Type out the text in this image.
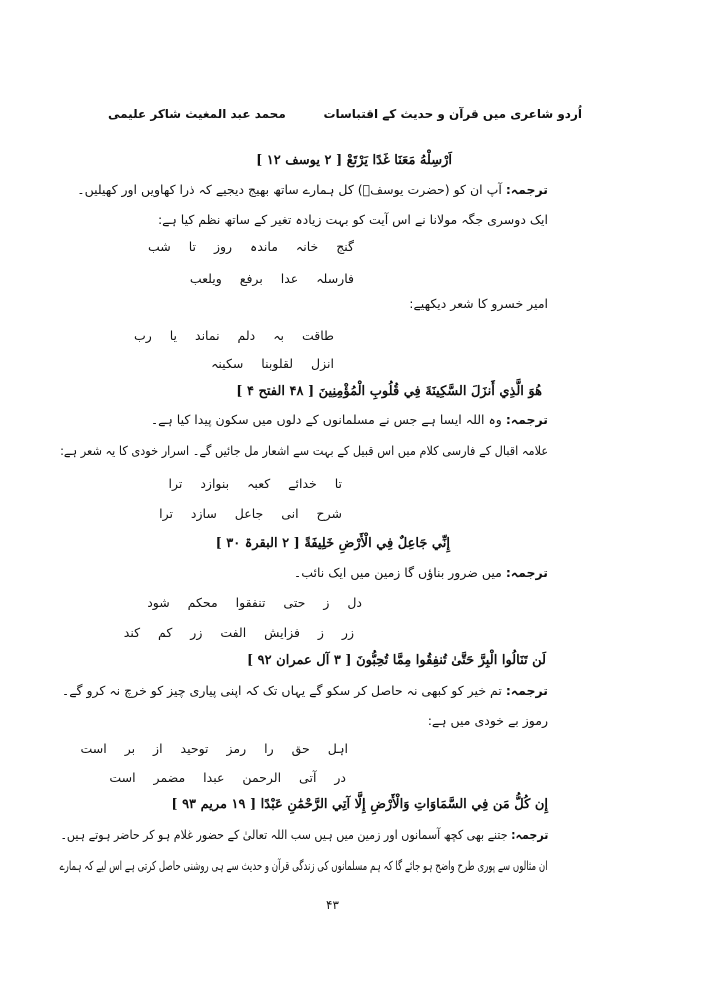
اُردو شاعری میں قرآن و حدیث کے اقتباسات
محمد عبد المغیث شاکر علیمی
اَرْسِلْهُ مَعَنَا غَدًا يَرْتَعْ [ ۲ یوسف ۱۲ ]
ترجمہ: آپ ان کو (حضرت یوسفؑ) کل ہمارے ساتھ بھیج دیجیے کہ ذرا کھاویں اور کھیلیں۔
ایک دوسری جگہ مولانا نے اس آیت کو بہت زیادہ تغیر کے ساتھ نظم کیا ہے:
گنج خانہ ماندہ روز تا شب
فارسلہ عدا برفع ویلعب
امیر خسرو کا شعر دیکھیے:
طاقت بہ دلم نماند یا رب
انزل لقلوبنا سکینہ
هُوَ الَّذِي أَنزَلَ السَّكِينَةَ فِي قُلُوبِ الْمُؤْمِنِينَ [ ۴۸ الفتح ۴ ]
ترجمہ: وہ اللہ ایسا ہے جس نے مسلمانوں کے دلوں میں سکون پیدا کیا ہے۔
علامہ اقبال کے فارسی کلام میں اس قبیل کے بہت سے اشعار مل جائیں گے۔ اسرار خودی کا یہ شعر ہے:
تا خدائے کعبہ بنوازد ترا
شرح انی جاعل سازد ترا
إِنِّي جَاعِلٌ فِي الْأَرْضِ خَلِيفَةً [ ۲ البقرۃ ۳۰ ]
ترجمہ: میں ضرور بناؤں گا زمین میں ایک نائب۔
دل ز حتی تنفقوا محکم شود
زر ز فزایش الفت زر کم کند
لَن تَنَالُوا الْبِرَّ حَتَّىٰ تُنفِقُوا مِمَّا تُحِبُّونَ [ ۳ آل عمران ۹۲ ]
ترجمہ: تم خیر کو کبھی نہ حاصل کر سکو گے یہاں تک کہ اپنی پیاری چیز کو خرچ نہ کرو گے۔
رموز بے خودی میں ہے:
اہل حق را رمز توحید از بر است
در آتی الرحمن عبدا مضمر است
إِن كُلُّ مَن فِي السَّمَاوَاتِ وَالْأَرْضِ إِلَّا آتِي الرَّحْمَٰنِ عَبْدًا [ ۱۹ مریم ۹۳ ]
ترجمہ: جتنے بھی کچھ آسمانوں اور زمین میں ہیں سب اللہ تعالیٰ کے حضور غلام ہو کر حاضر ہوتے ہیں۔
ان مثالوں سے پوری طرح واضح ہو جائے گا کہ ہم مسلمانوں کی زندگی قرآن و حدیث سے ہی روشنی حاصل کرتی ہے اس لیے کہ ہمارے
۴۳
